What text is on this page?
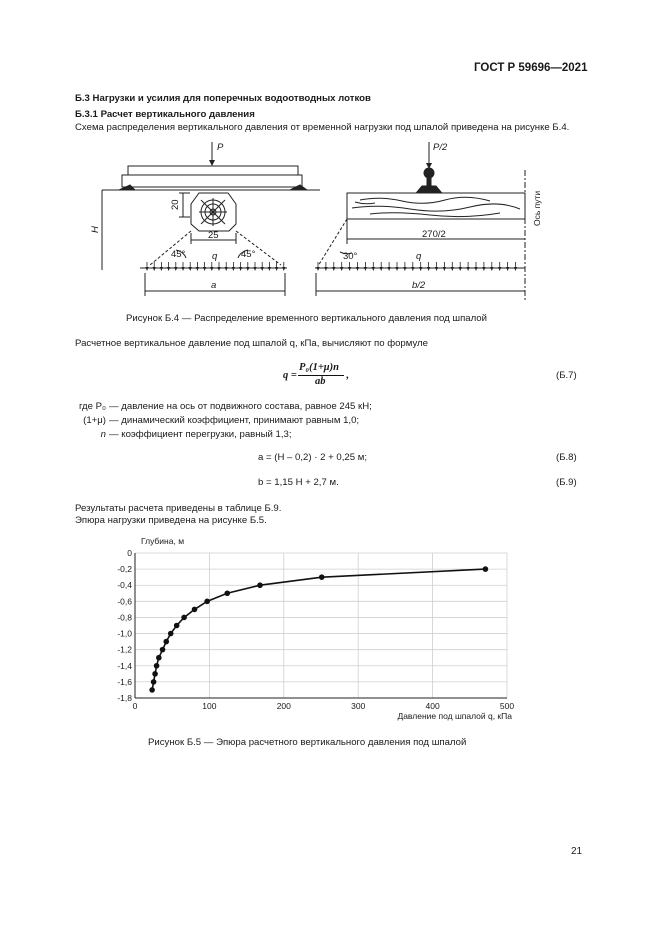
ГОСТ Р 59696—2021
Б.3 Нагрузки и усилия для поперечных водоотводных лотков
Б.3.1 Расчет вертикального давления
Схема распределения вертикального давления от временной нагрузки под шпалой приведена на рисунке Б.4.
P	P/2
20
H
25
45°	45°
q
a
270/2
30°	q
b/2
Ось пути
Рисунок Б.4 — Распределение временного вертикального давления под шпалой
Расчетное вертикальное давление под шпалой q, кПа, вычисляют по формуле
q =
P₀(1+μ)n
ab
,	(Б.7)
где P₀ — давление на ось от подвижного состава, равное 245 кН;
(1+μ) — динамический коэффициент, принимают равным 1,0;
n — коэффициент перегрузки, равный 1,3;
a = (H – 0,2) · 2 + 0,25 м;	(Б.8)
b = 1,15 H + 2,7 м.	(Б.9)
Результаты расчета приведены в таблице Б.9.
Эпюра нагрузки приведена на рисунке Б.5.
0	100	200	300	400	500
0
-0,2
-0,4
-0,6
-0,8
-1,0
-1,2
-1,4
-1,6
-1,8
Глубина, м
Давление под шпалой q, кПа
Рисунок Б.5 — Эпюра расчетного вертикального давления под шпалой
21
